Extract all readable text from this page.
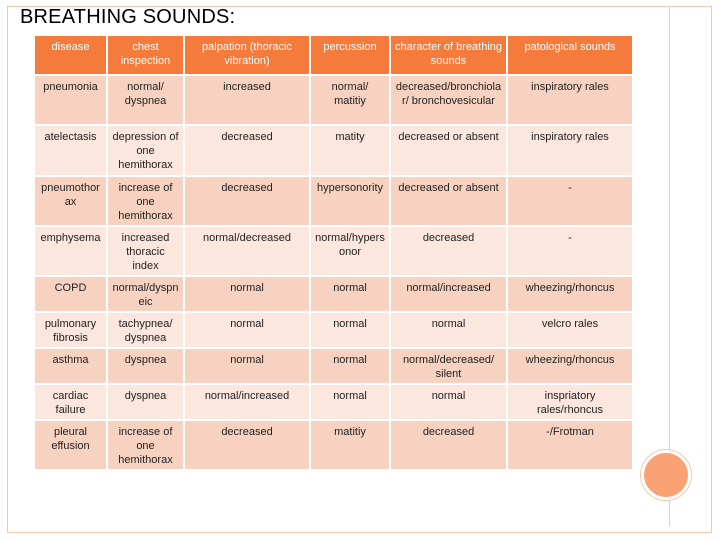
BREATHING SOUNDS:
disease	chest inspection	palpation (thoracic vibration)	percussion	character of breathing sounds	patological sounds
pneumonia	normal/ dyspnea	increased	normal/ matitiy	decreased/bronchiolar/ bronchovesicular	inspiratory rales
atelectasis	depression of one hemithorax	decreased	matity	decreased or absent	inspiratory rales
pneumothorax	increase of one hemithorax	decreased	hypersonority	decreased or absent	-
emphysema	increased thoracic index	normal/decreased	normal/hypersonor	decreased	-
COPD	normal/dyspneic	normal	normal	normal/increased	wheezing/rhoncus
pulmonary fibrosis	tachypnea/ dyspnea	normal	normal	normal	velcro rales
asthma	dyspnea	normal	normal	normal/decreased/ silent	wheezing/rhoncus
cardiac failure	dyspnea	normal/increased	normal	normal	inspriatory rales/rhoncus
pleural effusion	increase of one hemithorax	decreased	matitiy	decreased	-/Frotman
